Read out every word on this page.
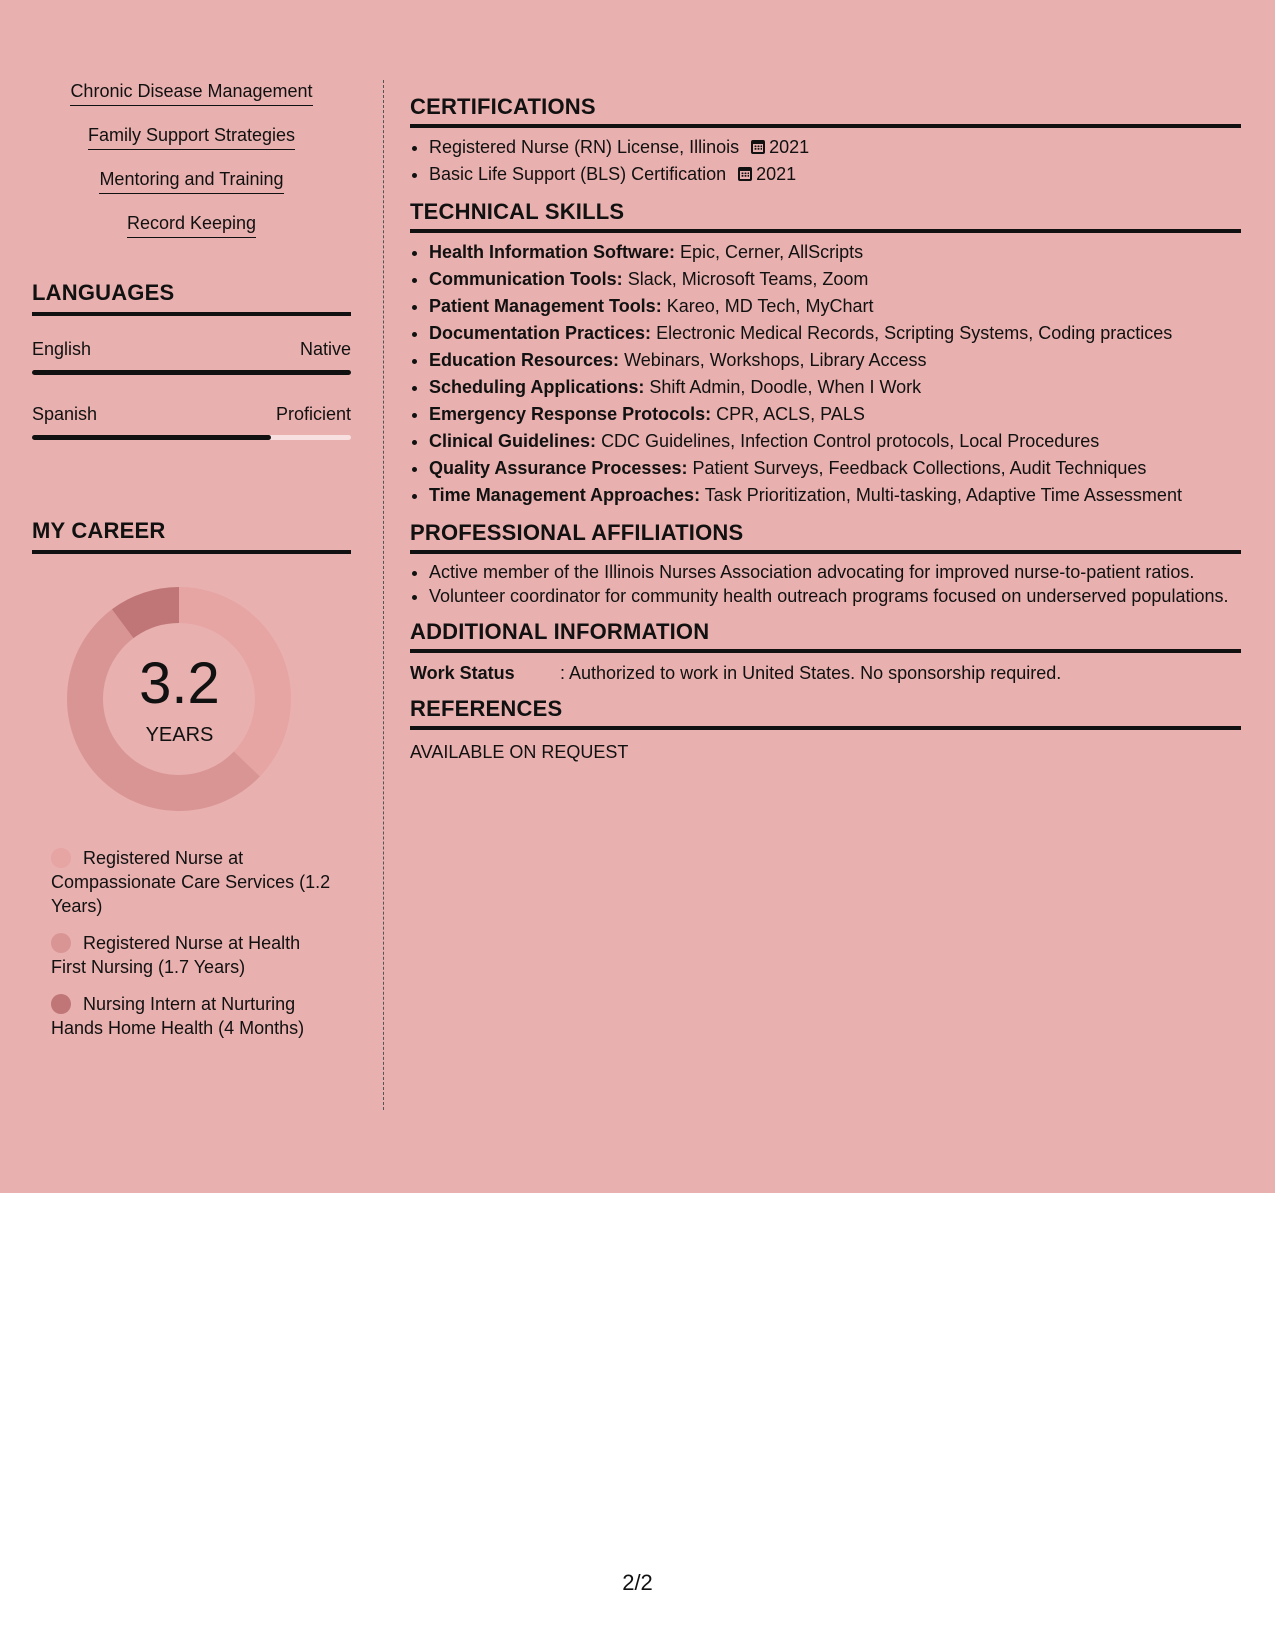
Chronic Disease Management
Family Support Strategies
Mentoring and Training
Record Keeping
LANGUAGES
English	Native
Spanish	Proficient
MY CAREER
3.2
YEARS
Registered Nurse at Compassionate Care Services (1.2 Years)
Registered Nurse at Health First Nursing (1.7 Years)
Nursing Intern at Nurturing Hands Home Health (4 Months)
CERTIFICATIONS
• Registered Nurse (RN) License, Illinois 2021
• Basic Life Support (BLS) Certification 2021
TECHNICAL SKILLS
• Health Information Software: Epic, Cerner, AllScripts
• Communication Tools: Slack, Microsoft Teams, Zoom
• Patient Management Tools: Kareo, MD Tech, MyChart
• Documentation Practices: Electronic Medical Records, Scripting Systems, Coding practices
• Education Resources: Webinars, Workshops, Library Access
• Scheduling Applications: Shift Admin, Doodle, When I Work
• Emergency Response Protocols: CPR, ACLS, PALS
• Clinical Guidelines: CDC Guidelines, Infection Control protocols, Local Procedures
• Quality Assurance Processes: Patient Surveys, Feedback Collections, Audit Techniques
• Time Management Approaches: Task Prioritization, Multi-tasking, Adaptive Time Assessment
PROFESSIONAL AFFILIATIONS
• Active member of the Illinois Nurses Association advocating for improved nurse-to-patient ratios.
• Volunteer coordinator for community health outreach programs focused on underserved populations.
ADDITIONAL INFORMATION
Work Status	: Authorized to work in United States. No sponsorship required.
REFERENCES
AVAILABLE ON REQUEST
2/2
